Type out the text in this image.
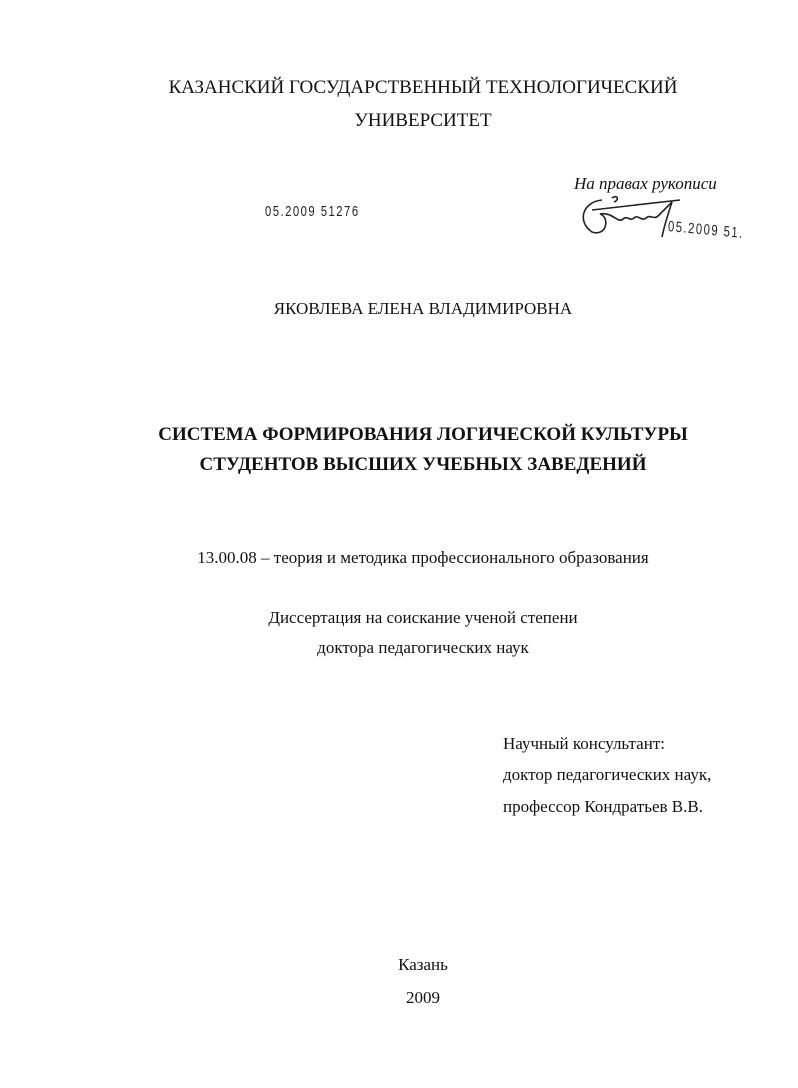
КАЗАНСКИЙ ГОСУДАРСТВЕННЫЙ ТЕХНОЛОГИЧЕСКИЙ
УНИВЕРСИТЕТ
На правах рукописи
05.2009 51276
05.2009 51.
ЯКОВЛЕВА ЕЛЕНА ВЛАДИМИРОВНА
СИСТЕМА ФОРМИРОВАНИЯ ЛОГИЧЕСКОЙ КУЛЬТУРЫ
СТУДЕНТОВ ВЫСШИХ УЧЕБНЫХ ЗАВЕДЕНИЙ
13.00.08 – теория и методика профессионального образования
Диссертация на соискание ученой степени
доктора педагогических наук
Научный консультант:
доктор педагогических наук,
профессор Кондратьев В.В.
Казань
2009
